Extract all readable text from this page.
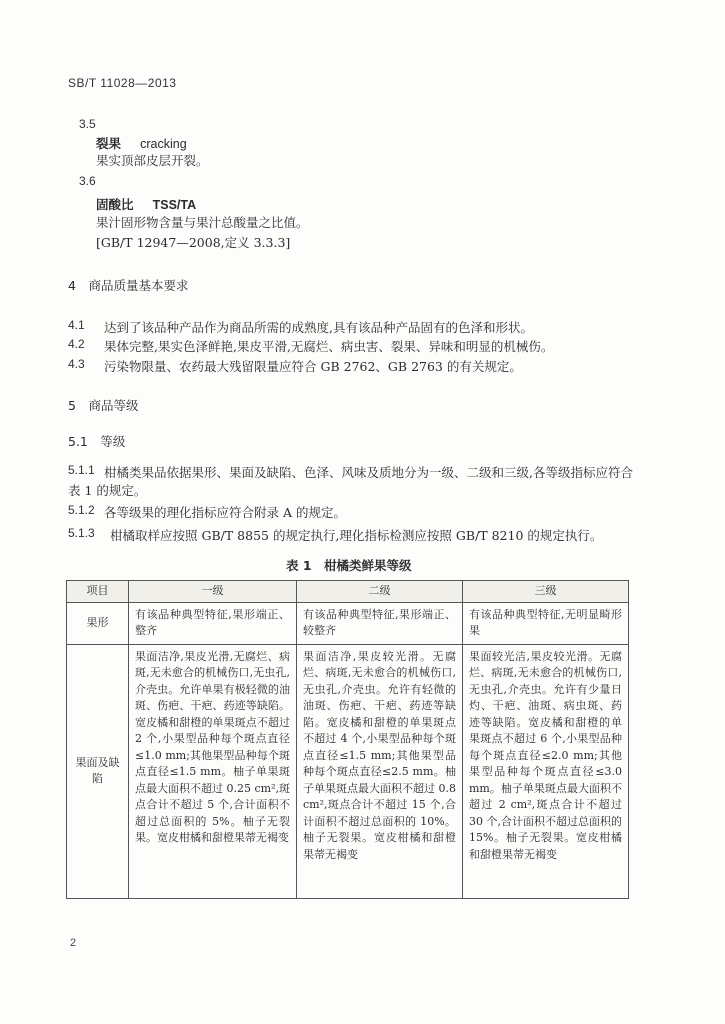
SB/T 11028—2013
3.5
裂果 cracking
果实顶部皮层开裂。
3.6
固酸比 TSS/TA
果汁固形物含量与果汁总酸量之比值。
[GB/T 12947—2008,定义 3.3.3]
4　商品质量基本要求
4.1 达到了该品种产品作为商品所需的成熟度,具有该品种产品固有的色泽和形状。
4.2 果体完整,果实色泽鲜艳,果皮平滑,无腐烂、病虫害、裂果、异味和明显的机械伤。
4.3 污染物限量、农药最大残留限量应符合 GB 2762、GB 2763 的有关规定。
5　商品等级
5.1　等级
5.1.1 柑橘类果品依据果形、果面及缺陷、色泽、风味及质地分为一级、二级和三级,各等级指标应符合
表 1 的规定。
5.1.2 各等级果的理化指标应符合附录 A 的规定。
5.1.3 柑橘取样应按照 GB/T 8855 的规定执行,理化指标检测应按照 GB/T 8210 的规定执行。
表 1　柑橘类鲜果等级
项目	一级	二级	三级
果形	有该品种典型特征,果形端正、整齐	有该品种典型特征,果形端正、较整齐	有该品种典型特征,无明显畸形果
果面及缺陷	果面洁净,果皮光滑,无腐烂、病斑,无未愈合的机械伤口,无虫孔,介壳虫。允许单果有极轻微的油斑、伤疤、干疤、药迹等缺陷。宽皮橘和甜橙的单果斑点不超过 2 个,小果型品种每个斑点直径≤1.0 mm;其他果型品种每个斑点直径≤1.5 mm。柚子单果斑点最大面积不超过 0.25 cm²,斑点合计不超过 5 个,合计面积不超过总面积的 5%。柚子无裂果。宽皮柑橘和甜橙果蒂无褐变	果面洁净,果皮较光滑。无腐烂、病斑,无未愈合的机械伤口,无虫孔,介壳虫。允许有轻微的油斑、伤疤、干疤、药迹等缺陷。宽皮橘和甜橙的单果斑点不超过 4 个,小果型品种每个斑点直径≤1.5 mm;其他果型品种每个斑点直径≤2.5 mm。柚子单果斑点最大面积不超过 0.8 cm²,斑点合计不超过 15 个,合计面积不超过总面积的 10%。柚子无裂果。宽皮柑橘和甜橙果蒂无褐变	果面较光洁,果皮较光滑。无腐烂、病斑,无未愈合的机械伤口,无虫孔,介壳虫。允许有少量日灼、干疤、油斑、病虫斑、药迹等缺陷。宽皮橘和甜橙的单果斑点不超过 6 个,小果型品种每个斑点直径≤2.0 mm;其他果型品种每个斑点直径≤3.0 mm。柚子单果斑点最大面积不超过 2 cm²,斑点合计不超过 30 个,合计面积不超过总面积的 15%。柚子无裂果。宽皮柑橘和甜橙果蒂无褐变
2
